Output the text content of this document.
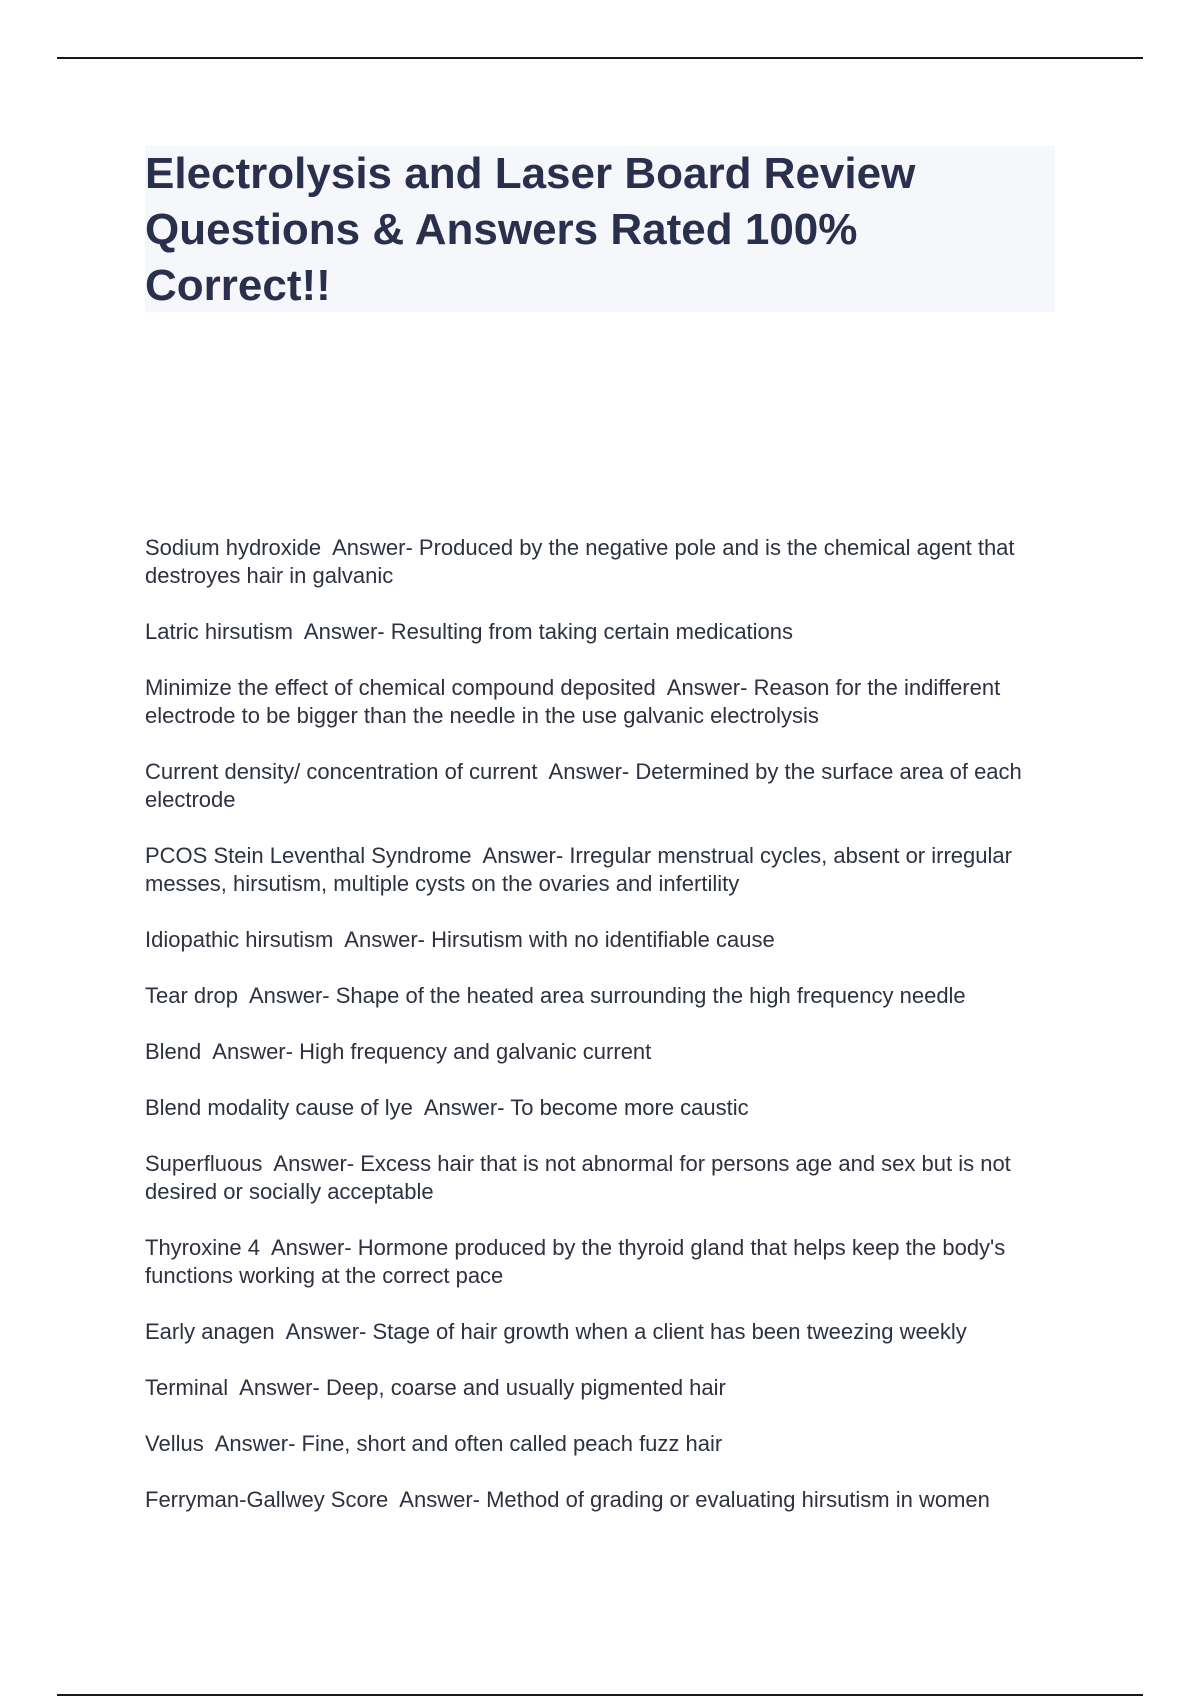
Electrolysis and Laser Board Review Questions & Answers Rated 100% Correct!!
Sodium hydroxide  Answer- Produced by the negative pole and is the chemical agent that destroyes hair in galvanic
Latric hirsutism  Answer- Resulting from taking certain medications
Minimize the effect of chemical compound deposited  Answer- Reason for the indifferent electrode to be bigger than the needle in the use galvanic electrolysis
Current density/ concentration of current  Answer- Determined by the surface area of each electrode
PCOS Stein Leventhal Syndrome  Answer- Irregular menstrual cycles, absent or irregular messes, hirsutism, multiple cysts on the ovaries and infertility
Idiopathic hirsutism  Answer- Hirsutism with no identifiable cause
Tear drop  Answer- Shape of the heated area surrounding the high frequency needle
Blend  Answer- High frequency and galvanic current
Blend modality cause of lye  Answer- To become more caustic
Superfluous  Answer- Excess hair that is not abnormal for persons age and sex but is not desired or socially acceptable
Thyroxine 4  Answer- Hormone produced by the thyroid gland that helps keep the body's functions working at the correct pace
Early anagen  Answer- Stage of hair growth when a client has been tweezing weekly
Terminal  Answer- Deep, coarse and usually pigmented hair
Vellus  Answer- Fine, short and often called peach fuzz hair
Ferryman-Gallwey Score  Answer- Method of grading or evaluating hirsutism in women
